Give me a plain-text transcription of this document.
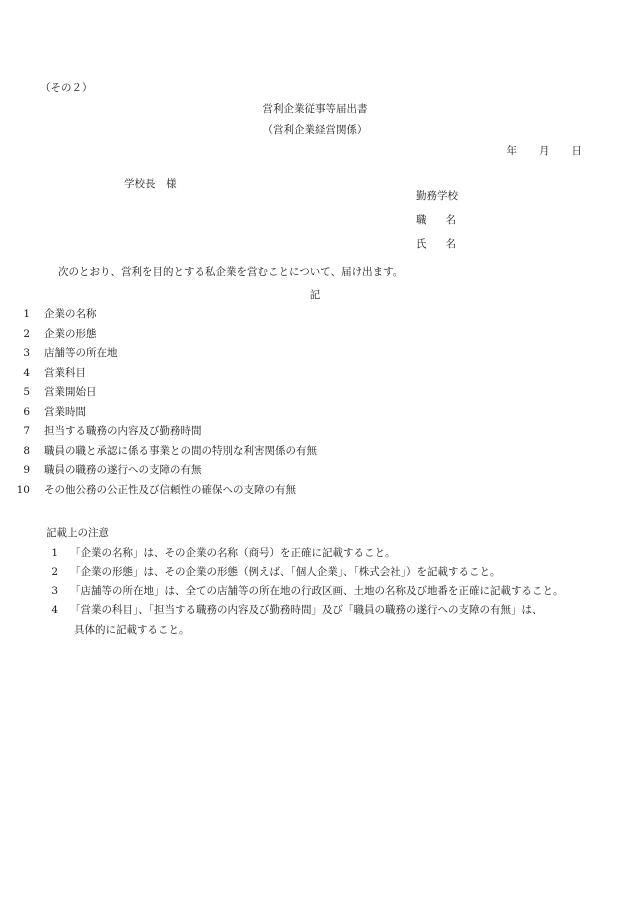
（その２）
営利企業従事等届出書
（営利企業経営関係）
年 月 日
学校長　様
勤務学校
職 名
氏 名
次のとおり、営利を目的とする私企業を営むことについて、届け出ます。
記
1	企業の名称
2	企業の形態
3	店舗等の所在地
4	営業科目
5	営業開始日
6	営業時間
7	担当する職務の内容及び勤務時間
8	職員の職と承認に係る事業との間の特別な利害関係の有無
9	職員の職務の遂行への支障の有無
10	その他公務の公正性及び信頼性の確保への支障の有無
記載上の注意
1	「企業の名称」は、その企業の名称（商号）を正確に記載すること。
2	「企業の形態」は、その企業の形態（例えば、「個人企業」、「株式会社」）を記載すること。
3	「店舗等の所在地」は、全ての店舗等の所在地の行政区画、土地の名称及び地番を正確に記載すること。
4	「営業の科目」、「担当する職務の内容及び勤務時間」及び「職員の職務の遂行への支障の有無」は、
具体的に記載すること。
